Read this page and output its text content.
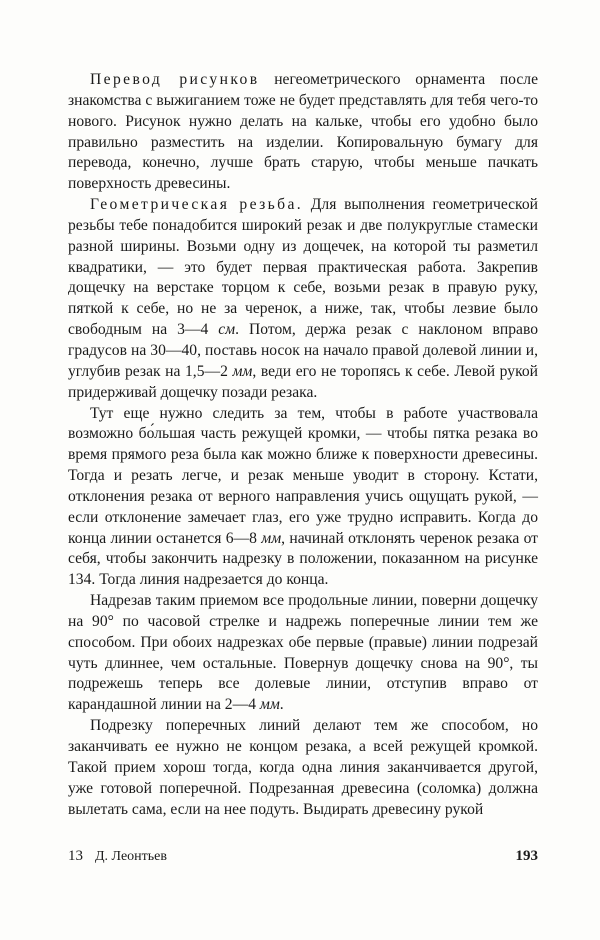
Перевод рисунков негеометрического орнамента после знакомства с выжиганием тоже не будет представлять для тебя чего-то нового. Рисунок нужно делать на кальке, чтобы его удобно было правильно разместить на изделии. Копировальную бумагу для перевода, конечно, лучше брать старую, чтобы меньше пачкать поверхность древесины.

Геометрическая резьба. Для выполнения геометрической резьбы тебе понадобится широкий резак и две полукруглые стамески разной ширины. Возьми одну из дощечек, на которой ты разметил квадратики, — это будет первая практическая работа. Закрепив дощечку на верстаке торцом к себе, возьми резак в правую руку, пяткой к себе, но не за черенок, а ниже, так, чтобы лезвие было свободным на 3—4 см. Потом, держа резак с наклоном вправо градусов на 30—40, поставь носок на начало правой долевой линии и, углубив резак на 1,5—2 мм, веди его не торопясь к себе. Левой рукой придерживай дощечку позади резака.

Тут еще нужно следить за тем, чтобы в работе участвовала возможно бо́льшая часть режущей кромки, — чтобы пятка резака во время прямого реза была как можно ближе к поверхности древесины. Тогда и резать легче, и резак меньше уводит в сторону. Кстати, отклонения резака от верного направления учись ощущать рукой, — если отклонение замечает глаз, его уже трудно исправить. Когда до конца линии останется 6—8 мм, начинай отклонять черенок резака от себя, чтобы закончить надрезку в положении, показанном на рисунке 134. Тогда линия надрезается до конца.

Надрезав таким приемом все продольные линии, поверни дощечку на 90° по часовой стрелке и надрежь поперечные линии тем же способом. При обоих надрезках обе первые (правые) линии подрезай чуть длиннее, чем остальные. Повернув дощечку снова на 90°, ты подрежешь теперь все долевые линии, отступив вправо от карандашной линии на 2—4 мм.

Подрезку поперечных линий делают тем же способом, но заканчивать ее нужно не концом резака, а всей режущей кромкой. Такой прием хорош тогда, когда одна линия заканчивается другой, уже готовой поперечной. Подрезанная древесина (соломка) должна вылетать сама, если на нее подуть. Выдирать древесину рукой

13 Д. Леонтьев	193
